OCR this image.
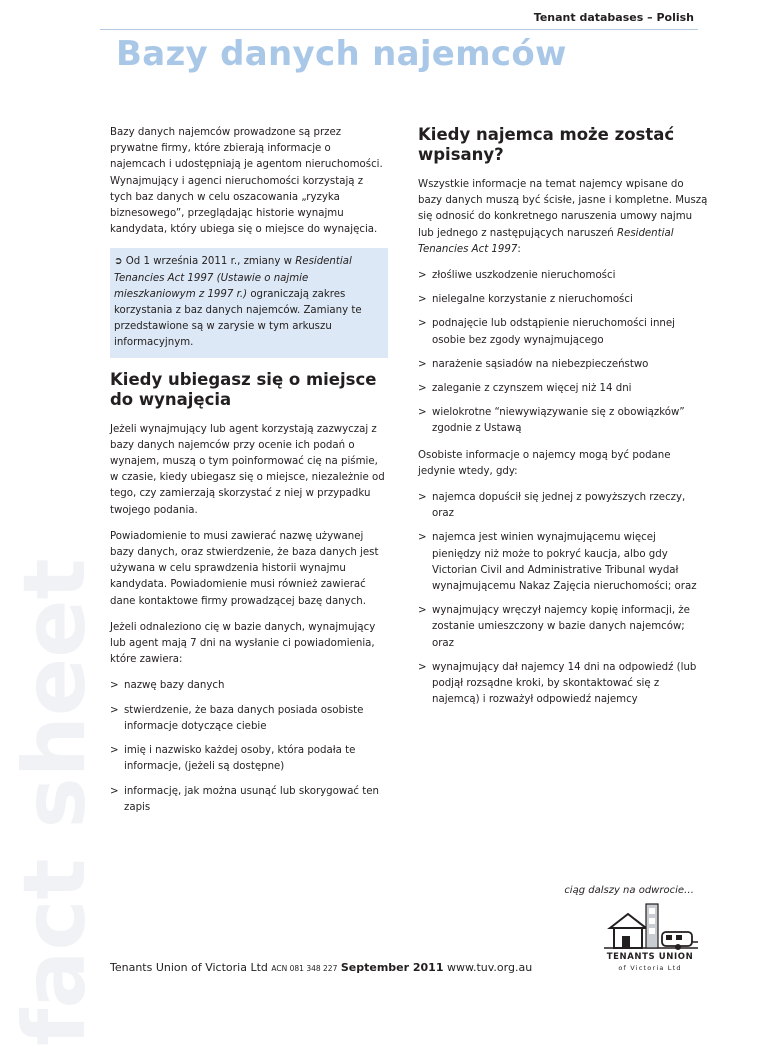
Tenant databases – Polish
Bazy danych najemców
fact sheet

Bazy danych najemców prowadzone są przez prywatne firmy, które zbierają informacje o najemcach i udostępniają je agentom nieruchomości. Wynajmujący i agenci nieruchomości korzystają z tych baz danych w celu oszacowania „ryzyka biznesowego”, przeglądając historie wynajmu kandydata, który ubiega się o miejsce do wynajęcia.

➲ Od 1 września 2011 r., zmiany w Residential Tenancies Act 1997 (Ustawie o najmie mieszkaniowym z 1997 r.) ograniczają zakres korzystania z baz danych najemców. Zamiany te przedstawione są w zarysie w tym arkuszu informacyjnym.
Kiedy ubiegasz się o miejsce do wynajęcia

Jeżeli wynajmujący lub agent korzystają zazwyczaj z bazy danych najemców przy ocenie ich podań o wynajem, muszą o tym poinformować cię na piśmie, w czasie, kiedy ubiegasz się o miejsce, niezależnie od tego, czy zamierzają skorzystać z niej w przypadku twojego podania.

Powiadomienie to musi zawierać nazwę używanej bazy danych, oraz stwierdzenie, że baza danych jest używana w celu sprawdzenia historii wynajmu kandydata. Powiadomienie musi również zawierać dane kontaktowe firmy prowadzącej bazę danych.

Jeżeli odnaleziono cię w bazie danych, wynajmujący lub agent mają 7 dni na wysłanie ci powiadomienia, które zawiera:

> nazwę bazy danych
> stwierdzenie, że baza danych posiada osobiste informacje dotyczące ciebie
> imię i nazwisko każdej osoby, która podała te informacje, (jeżeli są dostępne)
> informację, jak można usunąć lub skorygować ten zapis
Kiedy najemca może zostać wpisany?

Wszystkie informacje na temat najemcy wpisane do bazy danych muszą być ścisłe, jasne i kompletne. Muszą się odnosić do konkretnego naruszenia umowy najmu lub jednego z następujących naruszeń Residential Tenancies Act 1997:

> złośliwe uszkodzenie nieruchomości
> nielegalne korzystanie z nieruchomości
> podnajęcie lub odstąpienie nieruchomości innej osobie bez zgody wynajmującego
> narażenie sąsiadów na niebezpieczeństwo
> zaleganie z czynszem więcej niż 14 dni
> wielokrotne “niewywiązywanie się z obowiązków” zgodnie z Ustawą

Osobiste informacje o najemcy mogą być podane jedynie wtedy, gdy:

> najemca dopuścił się jednej z powyższych rzeczy, oraz
> najemca jest winien wynajmującemu więcej pieniędzy niż może to pokryć kaucja, albo gdy Victorian Civil and Administrative Tribunal wydał wynajmującemu Nakaz Zajęcia nieruchomości; oraz
> wynajmujący wręczył najemcy kopię informacji, że zostanie umieszczony w bazie danych najemców; oraz
> wynajmujący dał najemcy 14 dni na odpowiedź (lub podjął rozsądne kroki, by skontaktować się z najemcą) i rozważył odpowiedź najemcy
ciąg dalszy na odwrocie…
Tenants Union of Victoria Ltd ACN 081 348 227 September 2011 www.tuv.org.au
TENANTS UNION
of Victoria Ltd
